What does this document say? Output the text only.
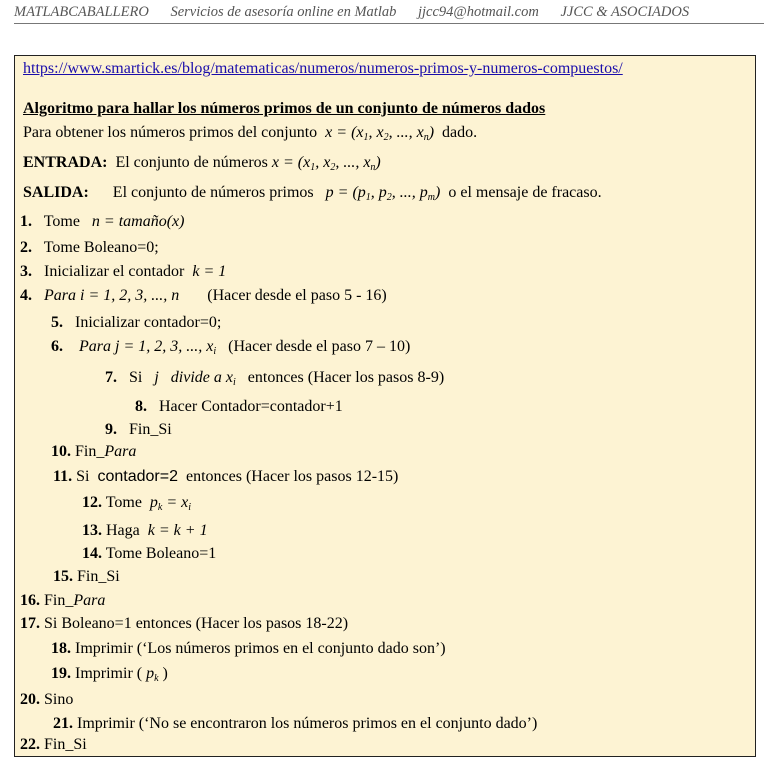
MATLABCABALLERO Servicios de asesoría online en Matlab jjcc94@hotmail.com JJCC & ASOCIADOS
https://www.smartick.es/blog/matematicas/numeros/numeros-primos-y-numeros-compuestos/
Algoritmo para hallar los números primos de un conjunto de números dados
Para obtener los números primos del conjunto $x = (x_1$, $x_2$, ..., $x_n$) dado.
ENTRADA: El conjunto de números $x = (x_1$, $x_2$, ..., $x_n$)
SALIDA: El conjunto de números primos $p = (p_1$, $p_2$, ..., $p_m$) o el mensaje de fracaso.
1. Tome n = tamaño(x)
2. Tome Boleano=0;
3. Inicializar el contador k = 1
4. Para i = 1, 2, 3, ..., n (Hacer desde el paso 5 - 16)
5. Inicializar contador=0;
6. Para j = 1, 2, 3, ..., $x_i$ (Hacer desde el paso 7 – 10)
7. Si j   divide a $x_i$ entonces (Hacer los pasos 8-9)
8. Hacer Contador=contador+1
9. Fin_Si
10. Fin_Para
11. Si contador=2 entonces (Hacer los pasos 12-15)
12. Tome $p_k = x_i$
13. Haga k = k + 1
14. Tome Boleano=1
15. Fin_Si
16. Fin_Para
17. Si Boleano=1 entonces (Hacer los pasos 18-22)
18. Imprimir (‘Los números primos en el conjunto dado son’)
19. Imprimir ( $p_k$ )
20. Sino
21. Imprimir (‘No se encontraron los números primos en el conjunto dado’)
22. Fin_Si
